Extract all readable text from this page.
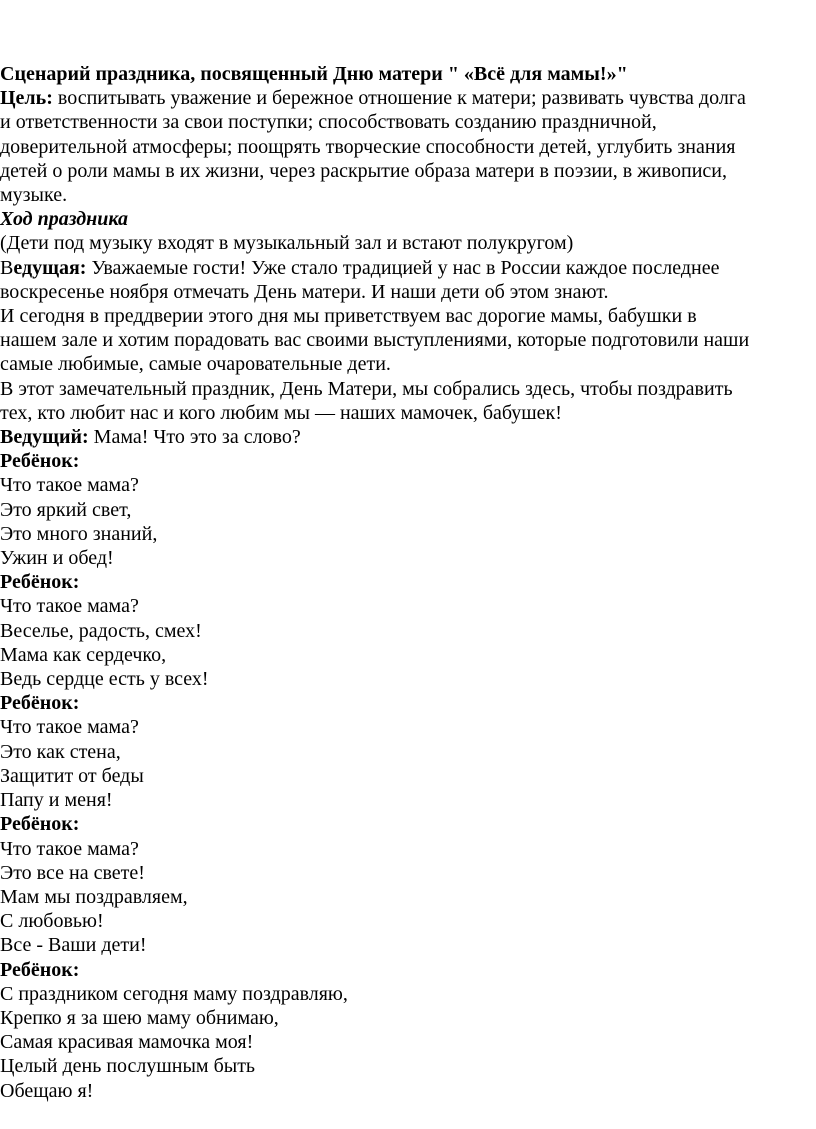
Сценарий праздника, посвященный Дню матери " «Всё для мамы!»"
Цель: воспитывать уважение и бережное отношение к матери; развивать чувства долга
и ответственности за свои поступки; способствовать созданию праздничной,
доверительной атмосферы; поощрять творческие способности детей, углубить знания
детей о роли мамы в их жизни, через раскрытие образа матери в поэзии, в живописи,
музыке.
Ход праздника
(Дети под музыку входят в музыкальный зал и встают полукругом)
Ведущая: Уважаемые гости! Уже стало традицией у нас в России каждое последнее
воскресенье ноября отмечать День матери. И наши дети об этом знают.
И сегодня в преддверии этого дня мы приветствуем вас дорогие мамы, бабушки в
нашем зале и хотим порадовать вас своими выступлениями, которые подготовили наши
самые любимые, самые очаровательные дети.
В этот замечательный праздник, День Матери, мы собрались здесь, чтобы поздравить
тех, кто любит нас и кого любим мы — наших мамочек, бабушек!
Ведущий: Мама! Что это за слово?
Ребёнок:
Что такое мама?
Это яркий свет,
Это много знаний,
Ужин и обед!
Ребёнок:
Что такое мама?
Веселье, радость, смех!
Мама как сердечко,
Ведь сердце есть у всех!
Ребёнок:
Что такое мама?
Это как стена,
Защитит от беды
Папу и меня!
Ребёнок:
Что такое мама?
Это все на свете!
Мам мы поздравляем,
С любовью!
Все - Ваши дети!
Ребёнок:
С праздником сегодня маму поздравляю,
Крепко я за шею маму обнимаю,
Самая красивая мамочка моя!
Целый день послушным быть
Обещаю я!
